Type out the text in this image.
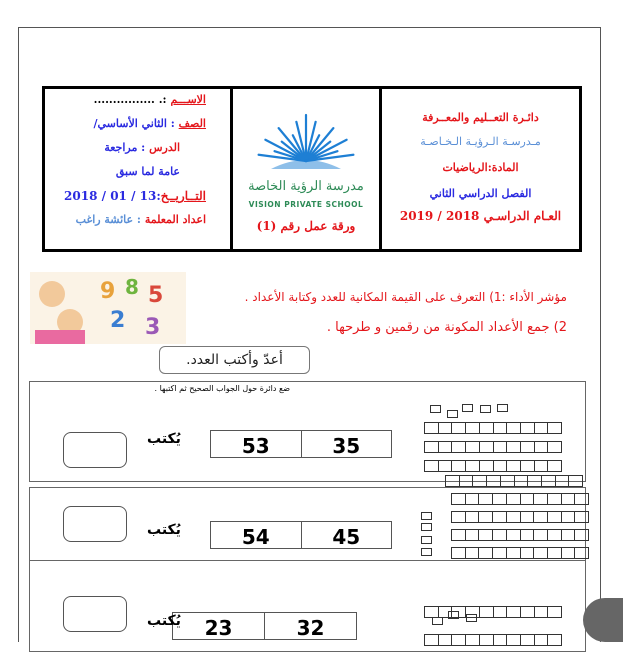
الاســـم :. ................
الصف : الثاني الأساسي/
الدرس : مراجعة
عامة لما سبق
التــاريــخ:13 / 01 / 2018
اعداد المعلمة : عائشة راغب
مدرسة الرؤية الخاصة
VISION PRIVATE SCHOOL
ورقة عمل رقم (1)
دائـرة التعــليم والمعــرفة
مـدرسـة الـرؤيـة الـخـاصـة
المادة:الرياضيات
الفصل الدراسي الثاني
العـام الدراسـي 2018 / 2019
9 8 5
2 3
مؤشر الأداء :1) التعرف على القيمة المكانية للعدد وكتابة الأعداد .
2) جمع الأعداد المكونة من رقمين و طرحها .
أعدّ وأكتب العدد.
ضع دائرة حول الجواب الصحيح ثم اكتبها .
53	35
يُكتب
54	45
يُكتب
23	32
يُكتب
